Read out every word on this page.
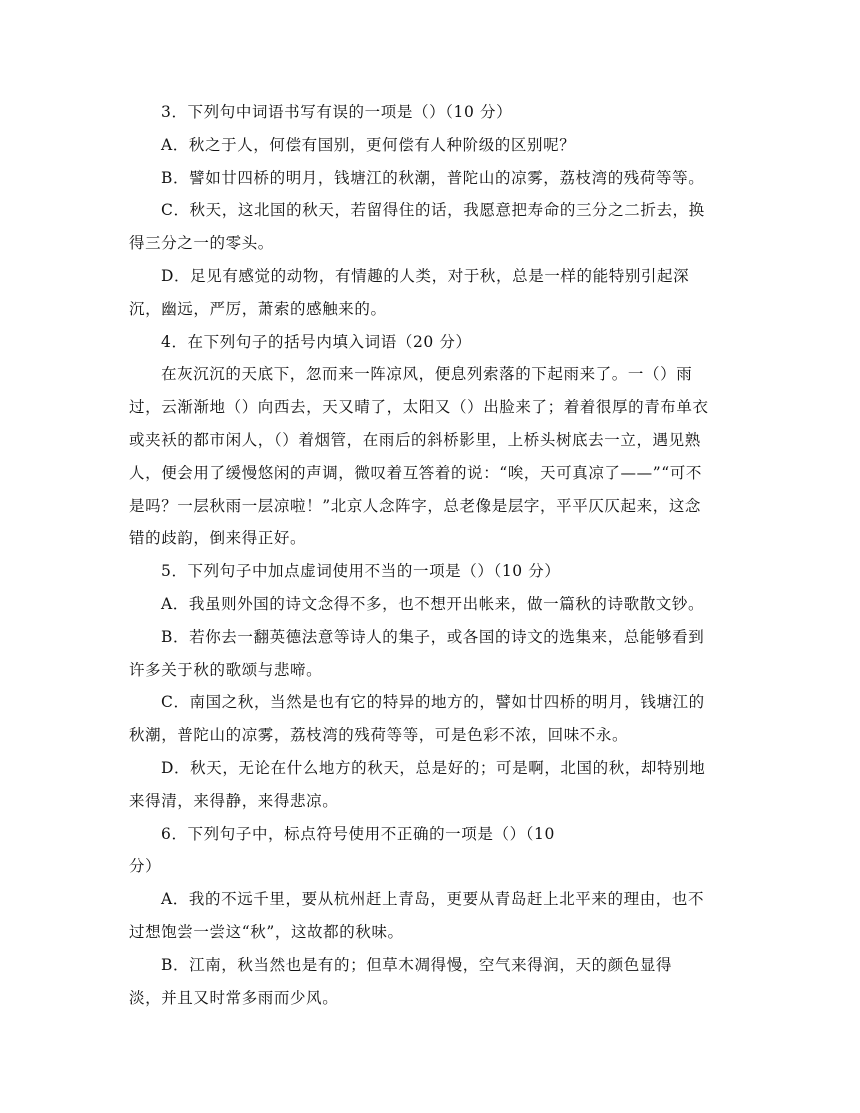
3．下列句中词语书写有误的一项是（）（10 分）
A．秋之于人，何偿有国别，更何偿有人种阶级的区别呢？
B．譬如廿四桥的明月，钱塘江的秋潮，普陀山的凉雾，荔枝湾的残荷等等。
C．秋天，这北国的秋天，若留得住的话，我愿意把寿命的三分之二折去，换
得三分之一的零头。
D．足见有感觉的动物，有情趣的人类，对于秋，总是一样的能特别引起深
沉，幽远，严厉，萧索的感触来的。
4．在下列句子的括号内填入词语（20 分）
在灰沉沉的天底下，忽而来一阵凉风，便息列索落的下起雨来了。一（）雨
过，云渐渐地（）向西去，天又晴了，太阳又（）出脸来了；着着很厚的青布单衣
或夹袄的都市闲人，（）着烟管，在雨后的斜桥影里，上桥头树底去一立，遇见熟
人，便会用了缓慢悠闲的声调，微叹着互答着的说：“唉，天可真凉了——”“可不
是吗？一层秋雨一层凉啦！”北京人念阵字，总老像是层字，平平仄仄起来，这念
错的歧韵，倒来得正好。
5．下列句子中加点虚词使用不当的一项是（）（10 分）
A．我虽则外国的诗文念得不多，也不想开出帐来，做一篇秋的诗歌散文钞。
B．若你去一翻英德法意等诗人的集子，或各国的诗文的选集来，总能够看到
许多关于秋的歌颂与悲啼。
C．南国之秋，当然是也有它的特异的地方的，譬如廿四桥的明月，钱塘江的
秋潮，普陀山的凉雾，荔枝湾的残荷等等，可是色彩不浓，回味不永。
D．秋天，无论在什么地方的秋天，总是好的；可是啊，北国的秋，却特别地
来得清，来得静，来得悲凉。
6．下列句子中，标点符号使用不正确的一项是（）（10
分）
A．我的不远千里，要从杭州赶上青岛，更要从青岛赶上北平来的理由，也不
过想饱尝一尝这“秋”，这故都的秋味。
B．江南，秋当然也是有的；但草木凋得慢，空气来得润，天的颜色显得
淡，并且又时常多雨而少风。
